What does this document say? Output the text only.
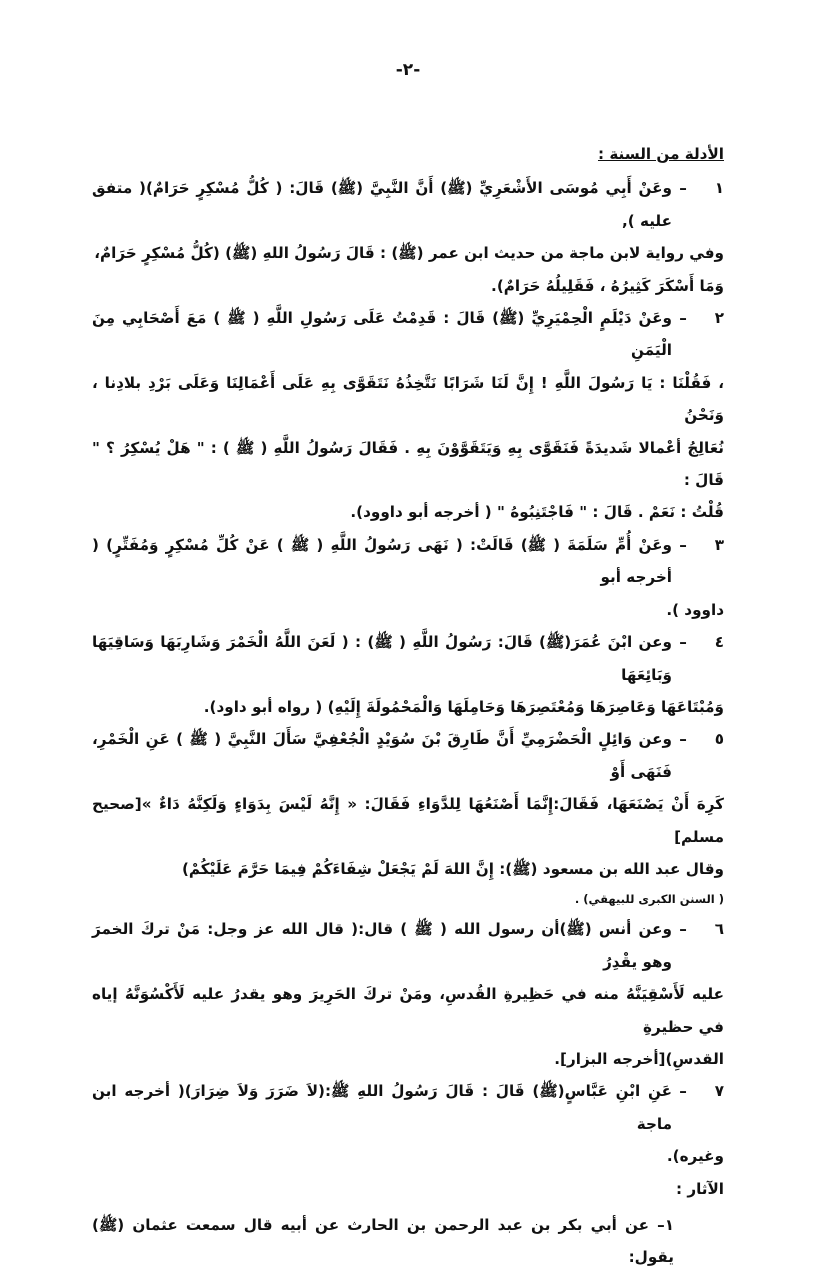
-٢-
الأدلة من السنة :
١
–
وعَنْ أَبِي مُوسَى الأَشْعَرِيِّ (ﷺ) أَنَّ النَّبِيَّ (ﷺ) قَالَ: ( كُلُّ مُسْكِرٍ حَرَامٌ)( متفق عليه ),
وفي رواية لابن ماجة من حديث ابن عمر (ﷺ) : قَالَ رَسُولُ اللهِ (ﷺ) (كُلُّ مُسْكِرٍ حَرَامٌ،
وَمَا أَسْكَرَ كَثِيرُهُ ، فَقَلِيلُهُ حَرَامٌ).
٢
–
وعَنْ دَيْلَمٍ الْحِمْيَرِيِّ (ﷺ) قَالَ : قَدِمْتُ عَلَى رَسُولِ اللَّهِ ( ﷺ ) مَعَ أَصْحَابِي مِنَ الْيَمَنِ
، فَقُلْنَا : يَا رَسُولَ اللَّهِ ! إِنَّ لَنَا شَرَابًا نَتَّخِذُهُ نَتَقَوَّى بِهِ عَلَى أَعْمَالِنَا وَعَلَى بَرْدِ بلادِنا ، وَنَحْنُ
نُعَالِجُ أعْمالا شَديدَةً فَنَقَوَّى بِهِ وَيَتَقَوَّوْنَ بِهِ . فَقَالَ رَسُولُ اللَّهِ ( ﷺ ) : " هَلْ يُسْكِرُ ؟ " قَالَ :
قُلْتُ : نَعَمْ . قَالَ : " فَاجْتَنِبُوهُ " ( أخرجه أبو داوود).
٣
–
وعَنْ أُمِّ سَلَمَةَ ( ﷺ) قَالَتْ: ( نَهَى رَسُولُ اللَّهِ ( ﷺ ) عَنْ كُلِّ مُسْكِرٍ وَمُفَتِّرٍ) ( أخرجه أبو
داوود ).
٤
–
وعن ابْنَ عُمَرَ(ﷺ) قَالَ: رَسُولُ اللَّهِ ( ﷺ) : ( لَعَنَ اللَّهُ الْخَمْرَ وَشَارِبَهَا وَسَاقِيَهَا وَبَائِعَهَا
وَمُبْتَاعَهَا وَعَاصِرَهَا وَمُعْتَصِرَهَا وَحَامِلَهَا وَالْمَحْمُولَةَ إِلَيْهِ) ( رواه أبو داود).
٥
–
وعن وَائِلٍ الْحَضْرَمِيِّ أَنَّ طَارِقَ بْنَ سُوَيْدٍ الْجُعْفِيَّ سَأَلَ النَّبِيَّ ( ﷺ ) عَنِ الْخَمْرِ، فَنَهَى أَوْ
كَرِهَ أَنْ يَصْنَعَهَا، فَقَالَ:إِنَّمَا أَصْنَعُهَا لِلدَّوَاءِ فَقَالَ: « إِنَّهُ لَيْسَ بِدَوَاءٍ وَلَكِنَّهُ دَاءٌ »[صحيح مسلم]
وقال عبد الله بن مسعود (ﷺ): إِنَّ اللهَ لَمْ يَجْعَلْ شِفَاءَكُمْ فِيمَا حَرَّمَ عَلَيْكُمْ)
( السنن الكبرى للبيهقي) .
٦
–
وعن أنس (ﷺ)أن رسول الله ( ﷺ ) قال:( قال الله عز وجل: مَنْ تركَ الخمرَ وهو يقْدِرُ
عليه لَأَسْقِيَنَّهُ منه في حَظِيرةِ القُدسِ، ومَنْ تركَ الحَرِيرَ وهو يقدرُ عليه لَأَكْسُوَنَّهُ إياه في حظيرةِ
القدسِ)[أخرجه البزار].
٧
–
عَنِ ابْنِ عَبَّاسٍ(ﷺ) قَالَ : قَالَ رَسُولُ اللهِ ﷺ:(لاَ ضَرَرَ وَلاَ ضِرَارَ)( أخرجه ابن ماجة
وغيره).
الآثار :
١– عن أبي بكر بن عبد الرحمن بن الحارث عن أبيه قال سمعت عثمان (ﷺ) يقول:
